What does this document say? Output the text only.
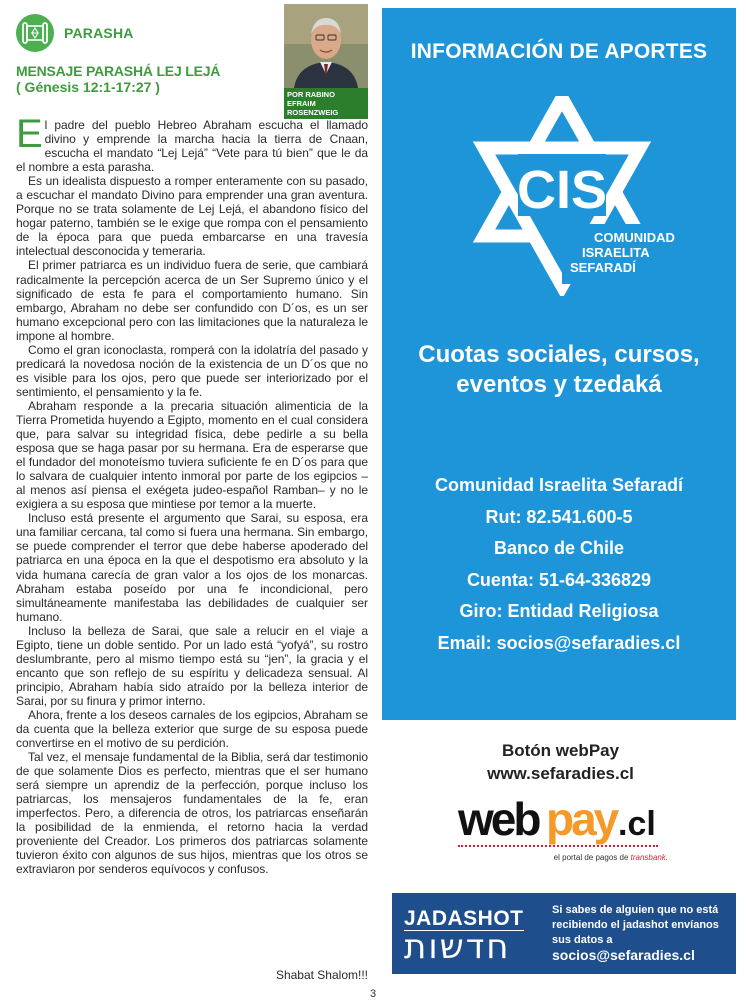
PARASHA
POR RABINO
EFRAIM ROSENZWEIG
MENSAJE PARASHÁ LEJ LEJÁ
( Génesis 12:1-17:27 )

El padre del pueblo Hebreo Abraham escucha el llamado divino y emprende la marcha hacia la tierra de Cnaan, escucha el mandato “Lej Lejá” “Vete para tú bien” que le da el nombre a esta parasha.

Es un idealista dispuesto a romper enteramente con su pasado, a escuchar el mandato Divino para emprender una gran aventura. Porque no se trata solamente de Lej Lejá, el abandono físico del hogar paterno, también se le exige que rompa con el pensamiento de la época para que pueda embarcarse en una travesía intelectual desconocida y temeraria.

El primer patriarca es un individuo fuera de serie, que cambiará radicalmente la percepción acerca de un Ser Supremo único y el significado de esta fe para el comportamiento humano. Sin embargo, Abraham no debe ser confundido con D´os, es un ser humano excepcional pero con las limitaciones que la naturaleza le impone al hombre.

Como el gran iconoclasta, romperá con la idolatría del pasado y predicará la novedosa noción de la existencia de un D´os que no es visible para los ojos, pero que puede ser interiorizado por el sentimiento, el pensamiento y la fe.

Abraham responde a la precaria situación alimenticia de la Tierra Prometida huyendo a Egipto, momento en el cual considera que, para salvar su integridad física, debe pedirle a su bella esposa que se haga pasar por su hermana. Era de esperarse que el fundador del monoteísmo tuviera suficiente fe en D´os para que lo salvara de cualquier intento inmoral por parte de los egipcios –al menos así piensa el exégeta judeo-español Ramban– y no le exigiera a su esposa que mintiese por temor a la muerte.

Incluso está presente el argumento que Sarai, su esposa, era una familiar cercana, tal como si fuera una hermana. Sin embargo, se puede comprender el terror que debe haberse apoderado del patriarca en una época en la que el despotismo era absoluto y la vida humana carecía de gran valor a los ojos de los monarcas. Abraham estaba poseído por una fe incondicional, pero simultáneamente manifestaba las debilidades de cualquier ser humano.

Incluso la belleza de Sarai, que sale a relucir en el viaje a Egipto, tiene un doble sentido. Por un lado está “yofyá”, su rostro deslumbrante, pero al mismo tiempo está su “jen”, la gracia y el encanto que son reflejo de su espíritu y delicadeza sensual. Al principio, Abraham había sido atraído por la belleza interior de Sarai, por su finura y primor interno.

Ahora, frente a los deseos carnales de los egipcios, Abraham se da cuenta que la belleza exterior que surge de su esposa puede convertirse en el motivo de su perdición.

Tal vez, el mensaje fundamental de la Biblia, será dar testimonio de que solamente Dios es perfecto, mientras que el ser humano será siempre un aprendiz de la perfección, porque incluso los patriarcas, los mensajeros fundamentales de la fe, eran imperfectos. Pero, a diferencia de otros, los patriarcas enseñarán la posibilidad de la enmienda, el retorno hacia la verdad proveniente del Creador. Los primeros dos patriarcas solamente tuvieron éxito con algunos de sus hijos, mientras que los otros se extraviaron por senderos equívocos y confusos.

Shabat Shalom!!!
3
INFORMACIÓN DE APORTES
CIS
COMUNIDAD
ISRAELITA
SEFARADÍ
Cuotas sociales, cursos,
eventos y tzedaká
Comunidad Israelita Sefaradí
Rut: 82.541.600-5
Banco de Chile
Cuenta: 51-64-336829
Giro: Entidad Religiosa
Email: socios@sefaradies.cl
Botón webPay
www.sefaradies.cl
web pay .cl
el portal de pagos de transbank.
JADASHOT
חדשות
Si sabes de alguien que no está recibiendo el jadashot envíanos sus datos a
socios@sefaradies.cl
